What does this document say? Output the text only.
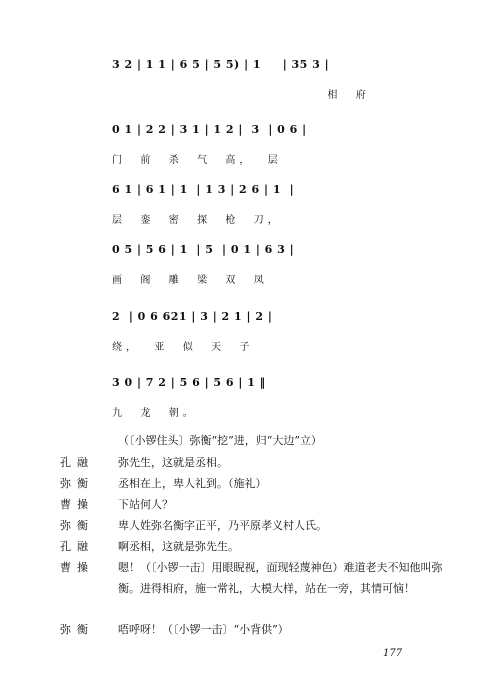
3 2 | 1 1 | 6 5 | 5 5) | 1     | 35 3 |
相  府
0 1 | 2 2 | 3 1 | 1 2 |  3  | 0 6 |
门  前  杀  气  高，  层
6 1 | 6 1 | 1  | 1 3 | 2 6 | 1  |
层  銮  密  探  枪  刀，
0 5 | 5 6 | 1  | 5  | 0 1 | 6 3 |
画  阁  雕  梁  双  凤
2  | 0 6 621 | 3 | 2 1 | 2 |
绕，  亚  似  天  子
3 0 | 7 2 | 5 6 | 5 6 | 1 ‖
九  龙  朝。
（〔小锣住头〕弥衡“挖”进，归“大边”立）
孔融	弥先生，这就是丞相。
弥衡	丞相在上，卑人礼到。（施礼）
曹操	下站何人？
弥衡	卑人姓弥名衡字正平，乃平原孝义村人氏。
孔融	啊丞相，这就是弥先生。
曹操	嗯！（〔小锣一击〕用眼睨视，面现轻蔑神色）难道老夫不知他叫弥衡。进得相府，施一常礼，大模大样，站在一旁，其情可恼！
弥衡	唔呼呀！（〔小锣一击〕“小背供”）
177
